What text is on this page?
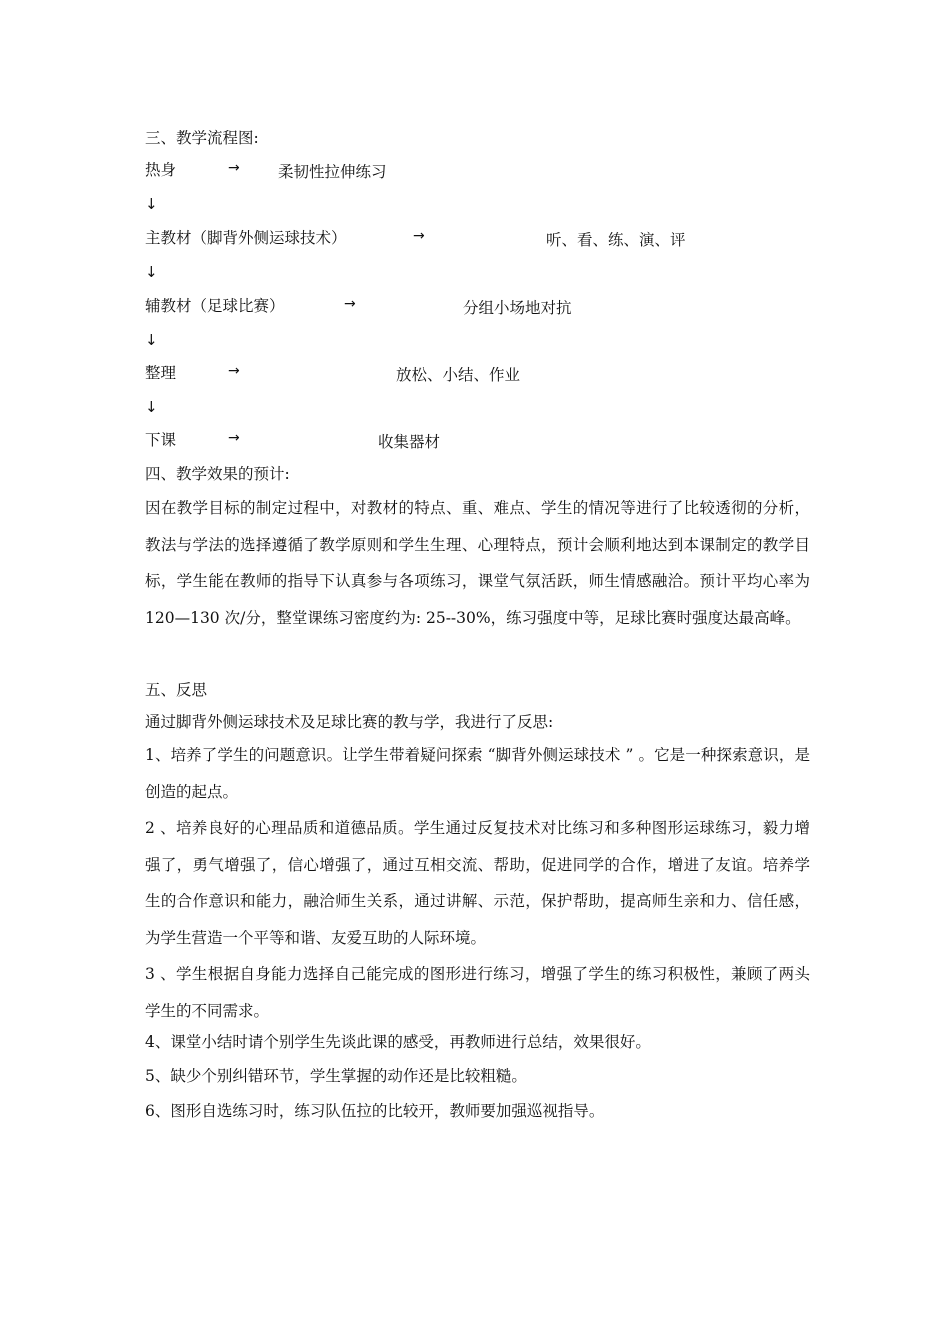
三、教学流程图:
热身	→ 柔韧性拉伸练习
↓
主教材（脚背外侧运球技术）	→	听、看、练、演、评
↓
辅教材（足球比赛）	→	分组小场地对抗
↓
整理	→	放松、小结、作业
↓
下课	→	收集器材
四、教学效果的预计:
因在教学目标的制定过程中，对教材的特点、重、难点、学生的情况等进行了比较透彻的分析，教法与学法的选择遵循了教学原则和学生生理、心理特点，预计会顺利地达到本课制定的教学目标，学生能在教师的指导下认真参与各项练习，课堂气氛活跃，师生情感融洽。预计平均心率为 120—130 次/分，整堂课练习密度约为: 25--30%，练习强度中等，足球比赛时强度达最高峰。
五、反思
通过脚背外侧运球技术及足球比赛的教与学，我进行了反思:
1、培养了学生的问题意识。让学生带着疑问探索 “脚背外侧运球技术 ” 。它是一种探索意识，是创造的起点。
2 、培养良好的心理品质和道德品质。学生通过反复技术对比练习和多种图形运球练习，毅力增强了，勇气增强了，信心增强了，通过互相交流、帮助，促进同学的合作，增进了友谊。培养学生的合作意识和能力，融洽师生关系，通过讲解、示范，保护帮助，提高师生亲和力、信任感，为学生营造一个平等和谐、友爱互助的人际环境。
3 、学生根据自身能力选择自己能完成的图形进行练习，增强了学生的练习积极性，兼顾了两头学生的不同需求。
4、课堂小结时请个别学生先谈此课的感受，再教师进行总结，效果很好。
5、缺少个别纠错环节，学生掌握的动作还是比较粗糙。
6、图形自选练习时，练习队伍拉的比较开，教师要加强巡视指导。
